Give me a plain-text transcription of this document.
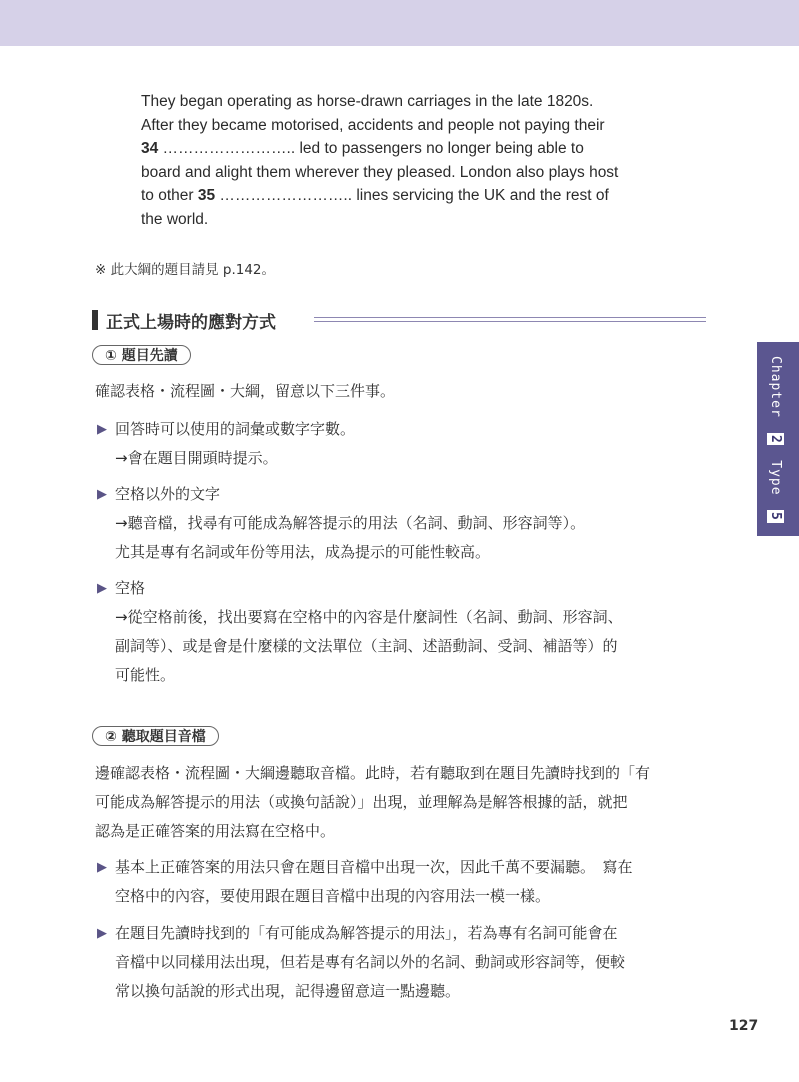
They began operating as horse-drawn carriages in the late 1820s.
After they became motorised, accidents and people not paying their
34 …………………….. led to passengers no longer being able to
board and alight them wherever they pleased. London also plays host
to other 35 …………………….. lines servicing the UK and the rest of
the world.
※ 此大綱的題目請見 p.142。
正式上場時的應對方式
① 題目先讀
確認表格・流程圖・大綱，留意以下三件事。
▶ 回答時可以使用的詞彙或數字字數。
→會在題目開頭時提示。
▶ 空格以外的文字
→聽音檔，找尋有可能成為解答提示的用法（名詞、動詞、形容詞等）。
尤其是專有名詞或年份等用法，成為提示的可能性較高。
▶ 空格
→從空格前後，找出要寫在空格中的內容是什麼詞性（名詞、動詞、形容詞、
副詞等）、或是會是什麼樣的文法單位（主詞、述語動詞、受詞、補語等）的
可能性。
② 聽取題目音檔
邊確認表格・流程圖・大綱邊聽取音檔。此時，若有聽取到在題目先讀時找到的「有
可能成為解答提示的用法（或換句話說）」出現，並理解為是解答根據的話，就把
認為是正確答案的用法寫在空格中。
▶ 基本上正確答案的用法只會在題目音檔中出現一次，因此千萬不要漏聽。　寫在
空格中的內容，要使用跟在題目音檔中出現的內容用法一模一樣。
▶ 在題目先讀時找到的「有可能成為解答提示的用法」，若為專有名詞可能會在
音檔中以同樣用法出現，但若是專有名詞以外的名詞、動詞或形容詞等，便較
常以換句話說的形式出現，記得邊留意這一點邊聽。
Chapter 2 Type 5
127
